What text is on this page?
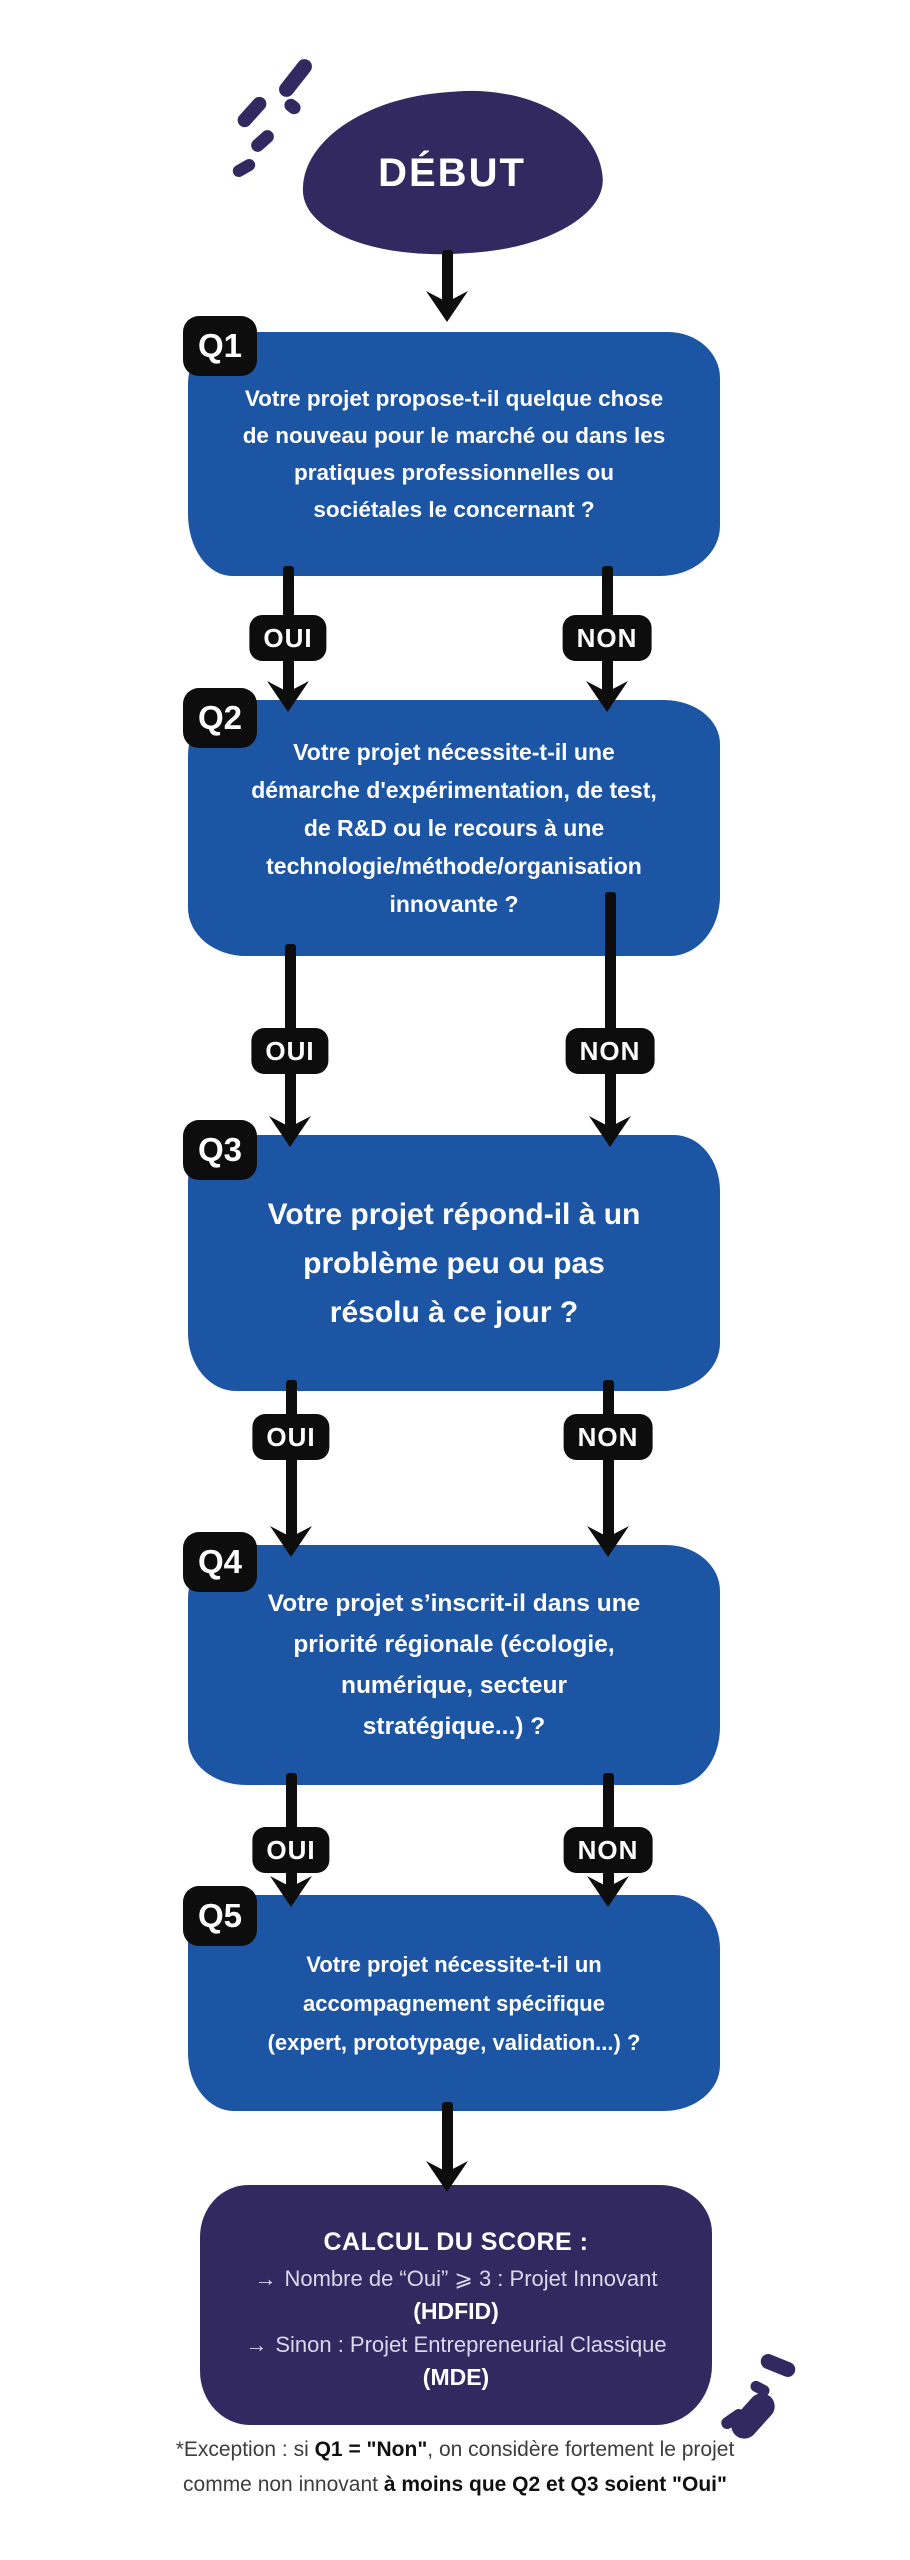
DÉBUT
Votre projet propose-t-il quelque chose
de nouveau pour le marché ou dans les
pratiques professionnelles ou
sociétales le concernant ?
Q1
OUI	NON
Votre projet nécessite-t-il une
démarche d'expérimentation, de test,
de R&D ou le recours à une
technologie/méthode/organisation
innovante ?
Q2
OUI	NON
Votre projet répond-il à un
problème peu ou pas
résolu à ce jour ?
Q3
OUI	NON
Votre projet s’inscrit-il dans une
priorité régionale (écologie,
numérique, secteur
stratégique...) ?
Q4
OUI	NON
Votre projet nécessite-t-il un
accompagnement spécifique
(expert, prototypage, validation...) ?
Q5
CALCUL DU SCORE :
→ Nombre de “Oui” ⩾ 3 : Projet Innovant
(HDFID)
→ Sinon : Projet Entrepreneurial Classique
(MDE)
*Exception : si Q1 = "Non", on considère fortement le projet comme non innovant à moins que Q2 et Q3 soient "Oui"
